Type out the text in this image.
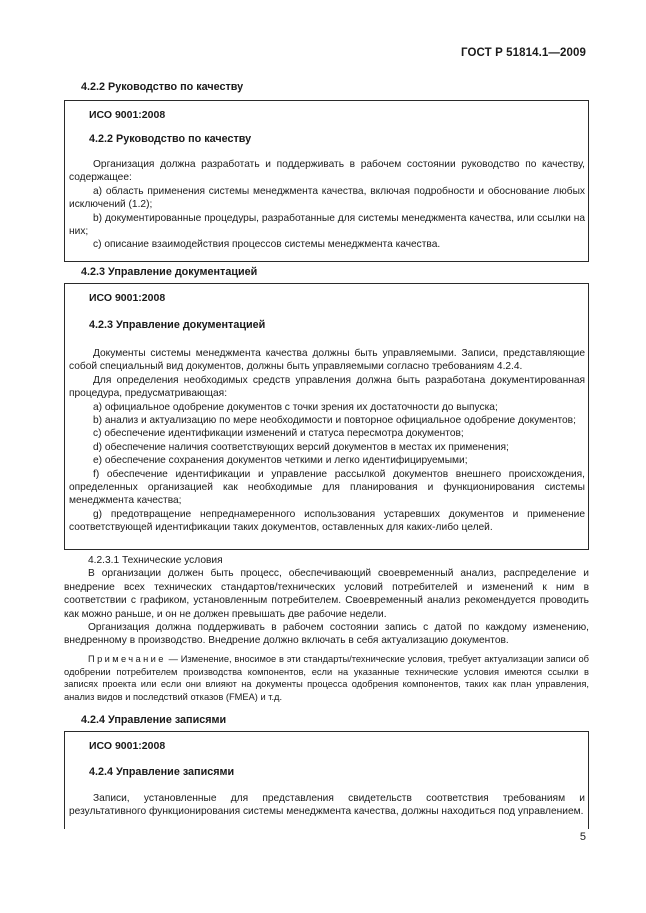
ГОСТ Р 51814.1—2009
4.2.2 Руководство по качеству
ИСО 9001:2008
4.2.2 Руководство по качеству

Организация должна разработать и поддерживать в рабочем состоянии руководство по качеству, содержащее:

а) область применения системы менеджмента качества, включая подробности и обоснование любых исключений (1.2);

b) документированные процедуры, разработанные для системы менеджмента качества, или ссылки на них;

с) описание взаимодействия процессов системы менеджмента качества.

4.2.3 Управление документацией
ИСО 9001:2008
4.2.3 Управление документацией

Документы системы менеджмента качества должны быть управляемыми. Записи, представляющие собой специальный вид документов, должны быть управляемыми согласно требованиям 4.2.4.

Для определения необходимых средств управления должна быть разработана документированная процедура, предусматривающая:

а) официальное одобрение документов с точки зрения их достаточности до выпуска;

b) анализ и актуализацию по мере необходимости и повторное официальное одобрение документов;

с) обеспечение идентификации изменений и статуса пересмотра документов;

d) обеспечение наличия соответствующих версий документов в местах их применения;

е) обеспечение сохранения документов четкими и легко идентифицируемыми;

f) обеспечение идентификации и управление рассылкой документов внешнего происхождения, определенных организацией как необходимые для планирования и функционирования системы менеджмента качества;

g) предотвращение непреднамеренного использования устаревших документов и применение соответствующей идентификации таких документов, оставленных для каких-либо целей.

4.2.3.1 Технические условия

В организации должен быть процесс, обеспечивающий своевременный анализ, распределение и внедрение всех технических стандартов/технических условий потребителей и изменений к ним в соответствии с графиком, установленным потребителем. Своевременный анализ рекомендуется проводить как можно раньше, и он не должен превышать две рабочие недели.

Организация должна поддерживать в рабочем состоянии запись с датой по каждому изменению, внедренному в производство. Внедрение должно включать в себя актуализацию документов.

Примечание — Изменение, вносимое в эти стандарты/технические условия, требует актуализации записи об одобрении потребителем производства компонентов, если на указанные технические условия имеются ссылки в записях проекта или если они влияют на документы процесса одобрения компонентов, таких как план управления, анализ видов и последствий отказов (FMEA) и т.д.

4.2.4 Управление записями
ИСО 9001:2008
4.2.4 Управление записями

Записи, установленные для представления свидетельств соответствия требованиям и результативного функционирования системы менеджмента качества, должны находиться под управлением.

5
